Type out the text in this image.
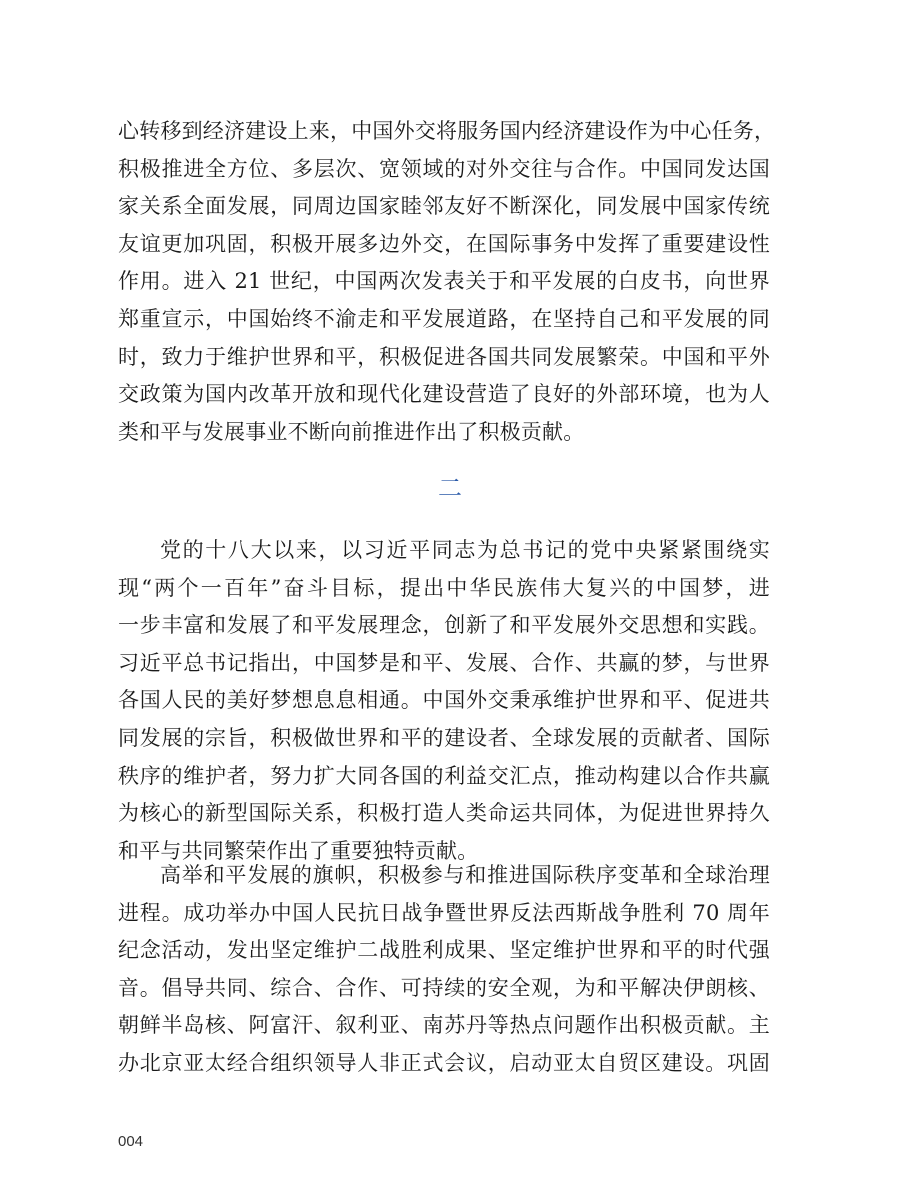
心转移到经济建设上来，中国外交将服务国内经济建设作为中心任务，
积极推进全方位、多层次、宽领域的对外交往与合作。中国同发达国
家关系全面发展，同周边国家睦邻友好不断深化，同发展中国家传统
友谊更加巩固，积极开展多边外交，在国际事务中发挥了重要建设性
作用。进入 21 世纪，中国两次发表关于和平发展的白皮书，向世界
郑重宣示，中国始终不渝走和平发展道路，在坚持自己和平发展的同
时，致力于维护世界和平，积极促进各国共同发展繁荣。中国和平外
交政策为国内改革开放和现代化建设营造了良好的外部环境，也为人
类和平与发展事业不断向前推进作出了积极贡献。
二
党的十八大以来，以习近平同志为总书记的党中央紧紧围绕实
现“两个一百年”奋斗目标，提出中华民族伟大复兴的中国梦，进
一步丰富和发展了和平发展理念，创新了和平发展外交思想和实践。
习近平总书记指出，中国梦是和平、发展、合作、共赢的梦，与世界
各国人民的美好梦想息息相通。中国外交秉承维护世界和平、促进共
同发展的宗旨，积极做世界和平的建设者、全球发展的贡献者、国际
秩序的维护者，努力扩大同各国的利益交汇点，推动构建以合作共赢
为核心的新型国际关系，积极打造人类命运共同体，为促进世界持久
和平与共同繁荣作出了重要独特贡献。
高举和平发展的旗帜，积极参与和推进国际秩序变革和全球治理
进程。成功举办中国人民抗日战争暨世界反法西斯战争胜利 70 周年
纪念活动，发出坚定维护二战胜利成果、坚定维护世界和平的时代强
音。倡导共同、综合、合作、可持续的安全观，为和平解决伊朗核、
朝鲜半岛核、阿富汗、叙利亚、南苏丹等热点问题作出积极贡献。主
办北京亚太经合组织领导人非正式会议，启动亚太自贸区建设。巩固
004
